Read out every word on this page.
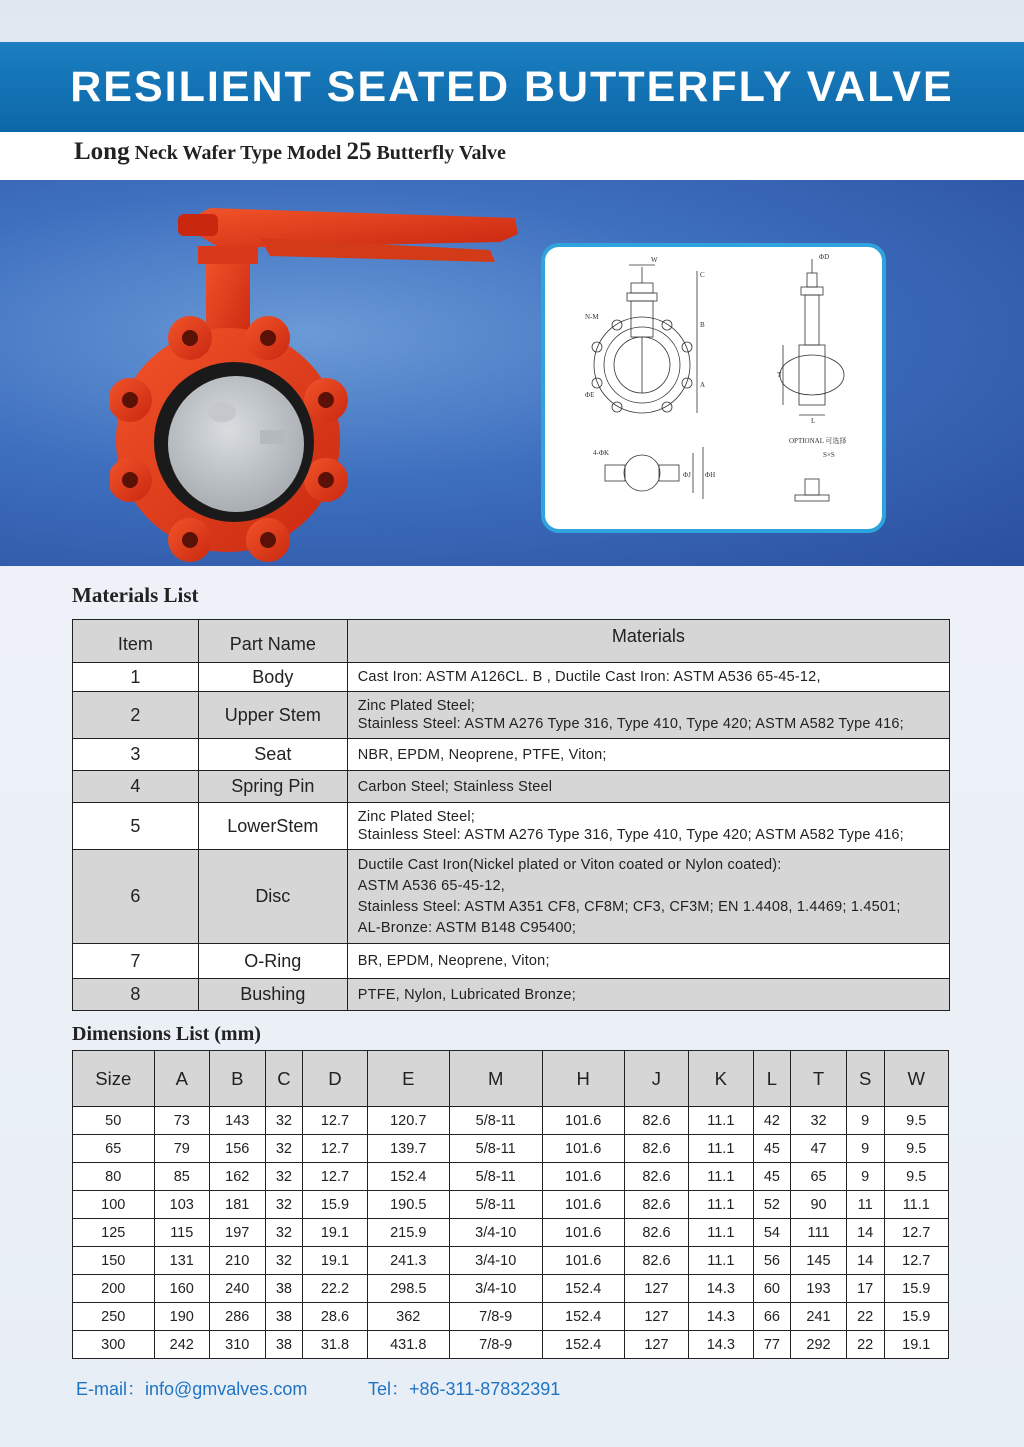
RESILIENT SEATED BUTTERFLY VALVE
Long Neck Wafer Type Model 25 Butterfly Valve
W
C
B
A
N-M
ΦE
ΦD
T
L
4-ΦK
ΦJ ΦH
OPTIONAL 可选择
S×S
Materials List
Item	Part Name	Materials
1	Body	Cast Iron: ASTM A126CL. B , Ductile Cast Iron: ASTM A536 65-45-12,

2	Upper Stem	Zinc Plated Steel;
Stainless Steel: ASTM A276 Type 316, Type 410, Type 420; ASTM A582 Type 416;

3	Seat	NBR, EPDM, Neoprene, PTFE, Viton;

4	Spring Pin	Carbon Steel; Stainless Steel

5	LowerStem	Zinc Plated Steel;
Stainless Steel: ASTM A276 Type 316, Type 410, Type 420; ASTM A582 Type 416;

6	Disc	Ductile Cast Iron(Nickel plated or Viton coated or Nylon coated):
ASTM A536 65-45-12,
Stainless Steel: ASTM A351 CF8, CF8M; CF3, CF3M; EN 1.4408, 1.4469; 1.4501;
AL-Bronze: ASTM B148 C95400;

7	O-Ring	BR, EPDM, Neoprene, Viton;

8	Bushing	PTFE, Nylon, Lubricated Bronze;
Dimensions List (mm)
Size	A	B	C	D	E	M	H	J	K	L	T	S	W
50	73	143	32	12.7	120.7	5/8-11	101.6	82.6	11.1	42	32	9	9.5
65	79	156	32	12.7	139.7	5/8-11	101.6	82.6	11.1	45	47	9	9.5
80	85	162	32	12.7	152.4	5/8-11	101.6	82.6	11.1	45	65	9	9.5
100	103	181	32	15.9	190.5	5/8-11	101.6	82.6	11.1	52	90	11	11.1
125	115	197	32	19.1	215.9	3/4-10	101.6	82.6	11.1	54	111	14	12.7
150	131	210	32	19.1	241.3	3/4-10	101.6	82.6	11.1	56	145	14	12.7
200	160	240	38	22.2	298.5	3/4-10	152.4	127	14.3	60	193	17	15.9
250	190	286	38	28.6	362	7/8-9	152.4	127	14.3	66	241	22	15.9
300	242	310	38	31.8	431.8	7/8-9	152.4	127	14.3	77	292	22	19.1
E-mail：info@gmvalves.com	Tel：+86-311-87832391
